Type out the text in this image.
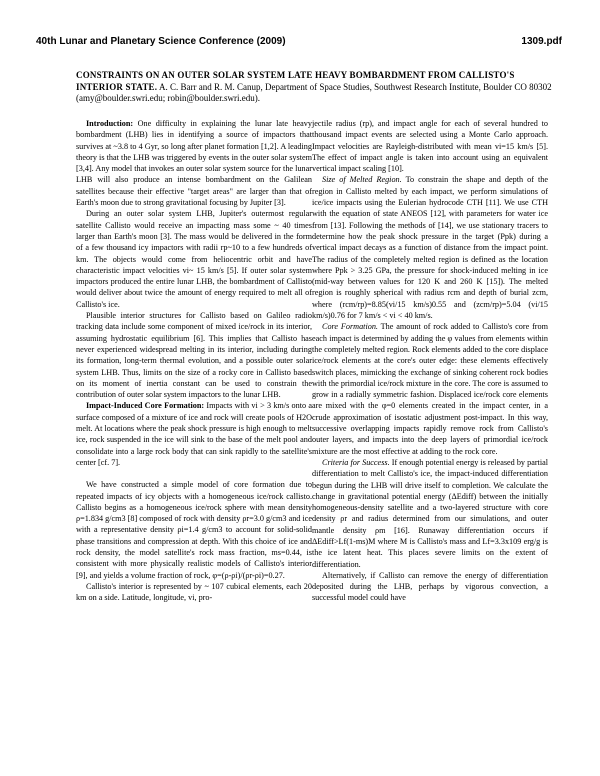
40th Lunar and Planetary Science Conference (2009)	1309.pdf
CONSTRAINTS ON AN OUTER SOLAR SYSTEM LATE HEAVY BOMBARDMENT FROM CALLISTO'S INTERIOR STATE. A. C. Barr and R. M. Canup, Department of Space Studies, Southwest Research Institute, Boulder CO 80302 (amy@boulder.swri.edu; robin@boulder.swri.edu).

Introduction: One difficulty in explaining the lunar late heavy bombardment (LHB) lies in identifying a source of impactors that survives at ~3.8 to 4 Gyr, so long after planet formation [1,2]. A leading theory is that the LHB was triggered by events in the outer solar system [3,4]. Any model that invokes an outer solar system source for the lunar LHB will also produce an intense bombardment on the Galilean satellites because their effective "target areas" are larger than that of Earth's moon due to strong gravitational focusing by Jupiter [3].

During an outer solar system LHB, Jupiter's outermost regular satellite Callisto would receive an impacting mass some ~ 40 times larger than Earth's moon [3]. The mass would be delivered in the form of a few thousand icy impactors with radii rp~10 to a few hundreds of km. The objects would come from heliocentric orbit and have characteristic impact velocities vi~ 15 km/s [5]. If outer solar system impactors produced the entire lunar LHB, the bombardment of Callisto would deliver about twice the amount of energy required to melt all of Callisto's ice.

Plausible interior structures for Callisto based on Galileo radio tracking data include some component of mixed ice/rock in its interior, assuming hydrostatic equilibrium [6]. This implies that Callisto has never experienced widespread melting in its interior, including during its formation, long-term thermal evolution, and a possible outer solar system LHB. Thus, limits on the size of a rocky core in Callisto based on its moment of inertia constant can be used to constrain the contribution of outer solar system impactors to the lunar LHB.

Impact-Induced Core Formation: Impacts with vi > 3 km/s onto a surface composed of a mixture of ice and rock will create pools of H2O melt. At locations where the peak shock pressure is high enough to melt ice, rock suspended in the ice will sink to the base of the melt pool and consolidate into a large rock body that can sink rapidly to the satellite's center [cf. 7].

We have constructed a simple model of core formation due to repeated impacts of icy objects with a homogeneous ice/rock callisto. Callisto begins as a homogeneous ice/rock sphere with mean density ρ=1.834 g/cm3 [8] composed of rock with density ρr=3.0 g/cm3 and ice with a representative density ρi=1.4 g/cm3 to account for solid-solid phase transitions and compression at depth. With this choice of ice and rock density, the model satellite's rock mass fraction, ms=0.44, is consistent with more physically realistic models of Callisto's interior [9], and yields a volume fraction of rock, φ=(ρ-ρi)/(ρr-ρi)=0.27.

Callisto's interior is represented by ~ 107 cubical elements, each 20 km on a side. Latitude, longitude, vi, pro-

jectile radius (rp), and impact angle for each of several hundred to thousand impact events are selected using a Monte Carlo approach. Impact velocities are Rayleigh-distributed with mean vi=15 km/s [5]. The effect of impact angle is taken into account using an equivalent vertical impact scaling [10].

Size of Melted Region. To constrain the shape and depth of the region in Callisto melted by each impact, we perform simulations of ice/ice impacts using the Eulerian hydrocode CTH [11]. We use CTH with the equation of state ANEOS [12], with parameters for water ice from [13]. Following the methods of [14], we use stationary tracers to determine how the peak shock pressure in the target (Ppk) during a vertical impact decays as a function of distance from the impact point. The radius of the completely melted region is defined as the location where Ppk > 3.25 GPa, the pressure for shock-induced melting in ice (mid-way between values for 120 K and 260 K [15]). The melted region is roughly spherical with radius rcm and depth of burial zcm, where (rcm/rp)=8.85(vi/15 km/s)0.55 and (zcm/rp)=5.04 (vi/15 km/s)0.76 for 7 km/s < vi < 40 km/s.

Core Formation. The amount of rock added to Callisto's core from each impact is determined by adding the φ values from elements within the completely melted region. Rock elements added to the core displace ice/rock elements at the core's outer edge: these elements effectively switch places, mimicking the exchange of sinking coherent rock bodies with the primordial ice/rock mixture in the core. The core is assumed to grow in a radially symmetric fashion. Displaced ice/rock core elements are mixed with the φ=0 elements created in the impact center, in a crude approximation of isostatic adjustment post-impact. In this way, successive overlapping impacts rapidly remove rock from Callisto's outer layers, and impacts into the deep layers of primordial ice/rock mixture are the most effective at adding to the rock core.

Criteria for Success. If enough potential energy is released by partial differentiation to melt Callisto's ice, the impact-induced differentiation begun during the LHB will drive itself to completion. We calculate the change in gravitational potential energy (ΔEdiff) between the initially homogeneous-density satellite and a two-layered structure with core density ρr and radius determined from our simulations, and outer mantle density ρm [16]. Runaway differentiation occurs if ΔEdiff>Lf(1-ms)M where M is Callisto's mass and Lf=3.3x109 erg/g is the ice latent heat. This places severe limits on the extent of differentiation.

Alternatively, if Callisto can remove the energy of differentiation deposited during the LHB, perhaps by vigorous convection, a successful model could have
